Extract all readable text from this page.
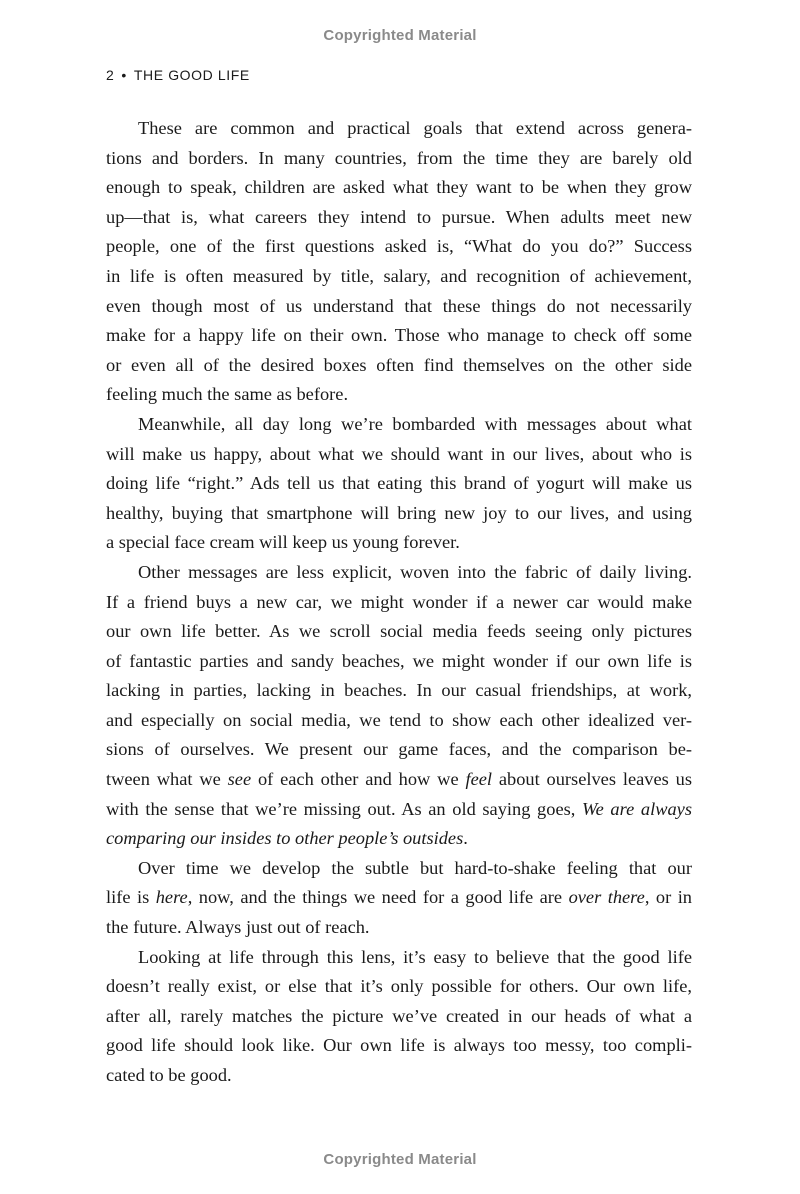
Copyrighted Material
2 • THE GOOD LIFE

These are common and practical goals that extend across genera-
tions and borders. In many countries, from the time they are barely old
enough to speak, children are asked what they want to be when they grow
up—that is, what careers they intend to pursue. When adults meet new
people, one of the first questions asked is, “What do you do?” Success
in life is often measured by title, salary, and recognition of achievement,
even though most of us understand that these things do not necessarily
make for a happy life on their own. Those who manage to check off some
or even all of the desired boxes often find themselves on the other side
feeling much the same as before.

Meanwhile, all day long we’re bombarded with messages about what
will make us happy, about what we should want in our lives, about who is
doing life “right.” Ads tell us that eating this brand of yogurt will make us
healthy, buying that smartphone will bring new joy to our lives, and using
a special face cream will keep us young forever.

Other messages are less explicit, woven into the fabric of daily living.
If a friend buys a new car, we might wonder if a newer car would make
our own life better. As we scroll social media feeds seeing only pictures
of fantastic parties and sandy beaches, we might wonder if our own life is
lacking in parties, lacking in beaches. In our casual friendships, at work,
and especially on social media, we tend to show each other idealized ver-
sions of ourselves. We present our game faces, and the comparison be-
tween what we see of each other and how we feel about ourselves leaves us
with the sense that we’re missing out. As an old saying goes, We are always
comparing our insides to other people’s outsides.

Over time we develop the subtle but hard-to-shake feeling that our
life is here, now, and the things we need for a good life are over there, or in
the future. Always just out of reach.

Looking at life through this lens, it’s easy to believe that the good life
doesn’t really exist, or else that it’s only possible for others. Our own life,
after all, rarely matches the picture we’ve created in our heads of what a
good life should look like. Our own life is always too messy, too compli-
cated to be good.

Copyrighted Material
